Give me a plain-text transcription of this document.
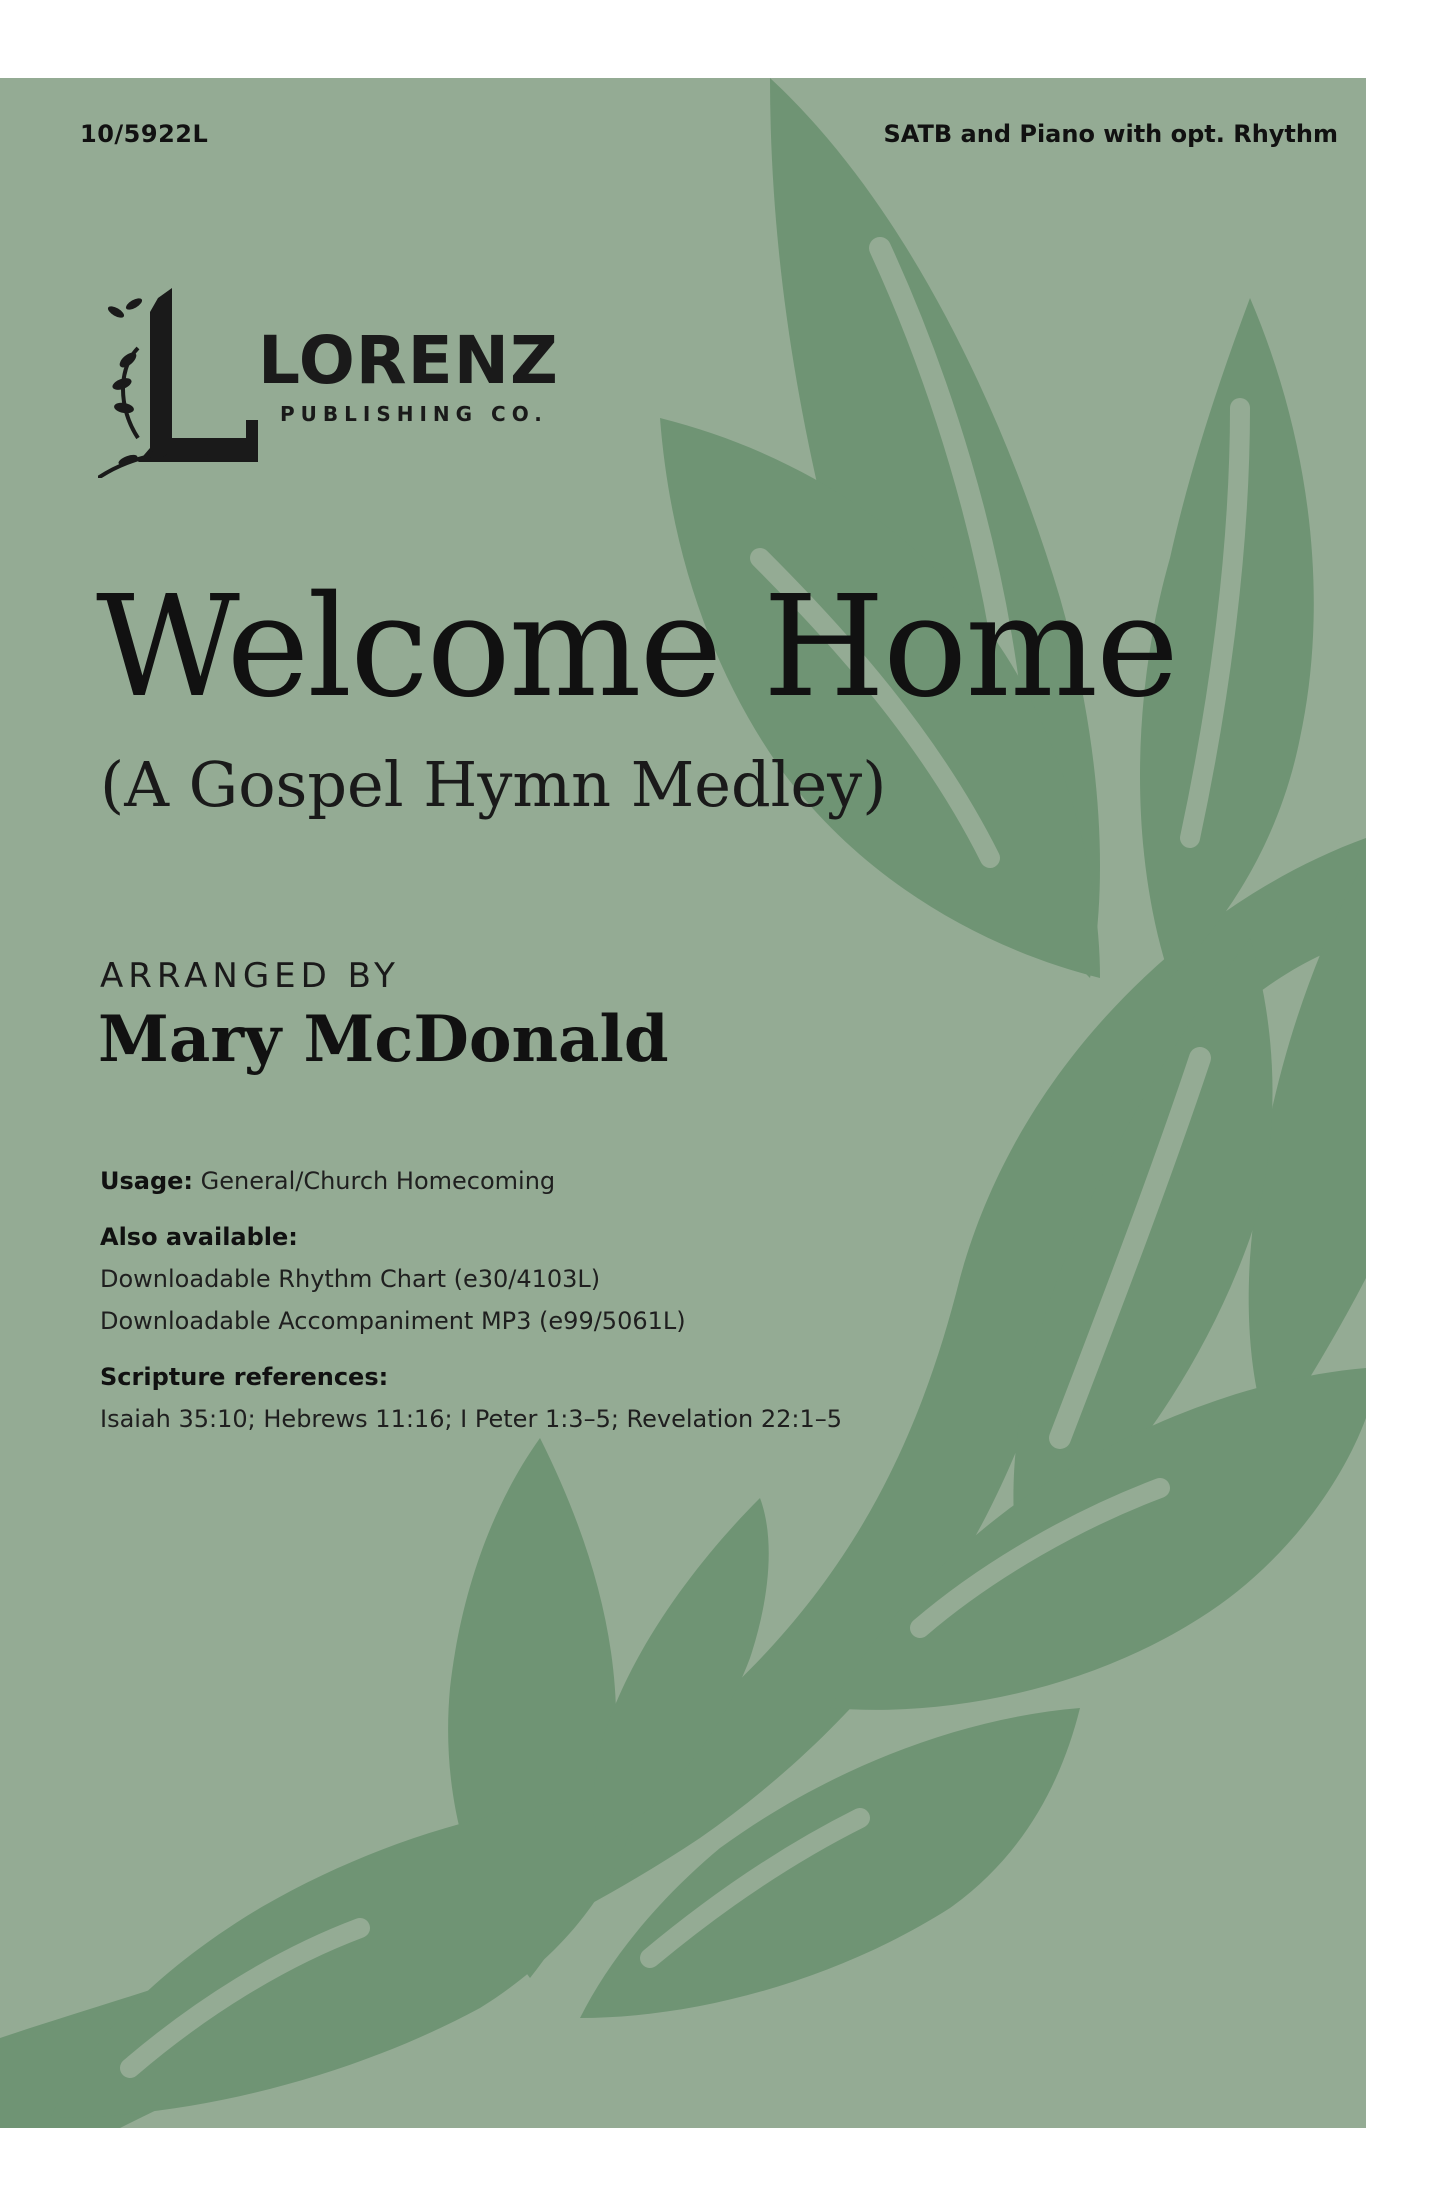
10/5922L	SATB and Piano with opt. Rhythm
LORENZ
PUBLISHING CO.
Welcome Home
(A Gospel Hymn Medley)
ARRANGED BY
Mary McDonald
Usage: General/Church Homecoming
Also available:
Downloadable Rhythm Chart (e30/4103L)
Downloadable Accompaniment MP3 (e99/5061L)
Scripture references:
Isaiah 35:10; Hebrews 11:16; I Peter 1:3–5; Revelation 22:1–5
